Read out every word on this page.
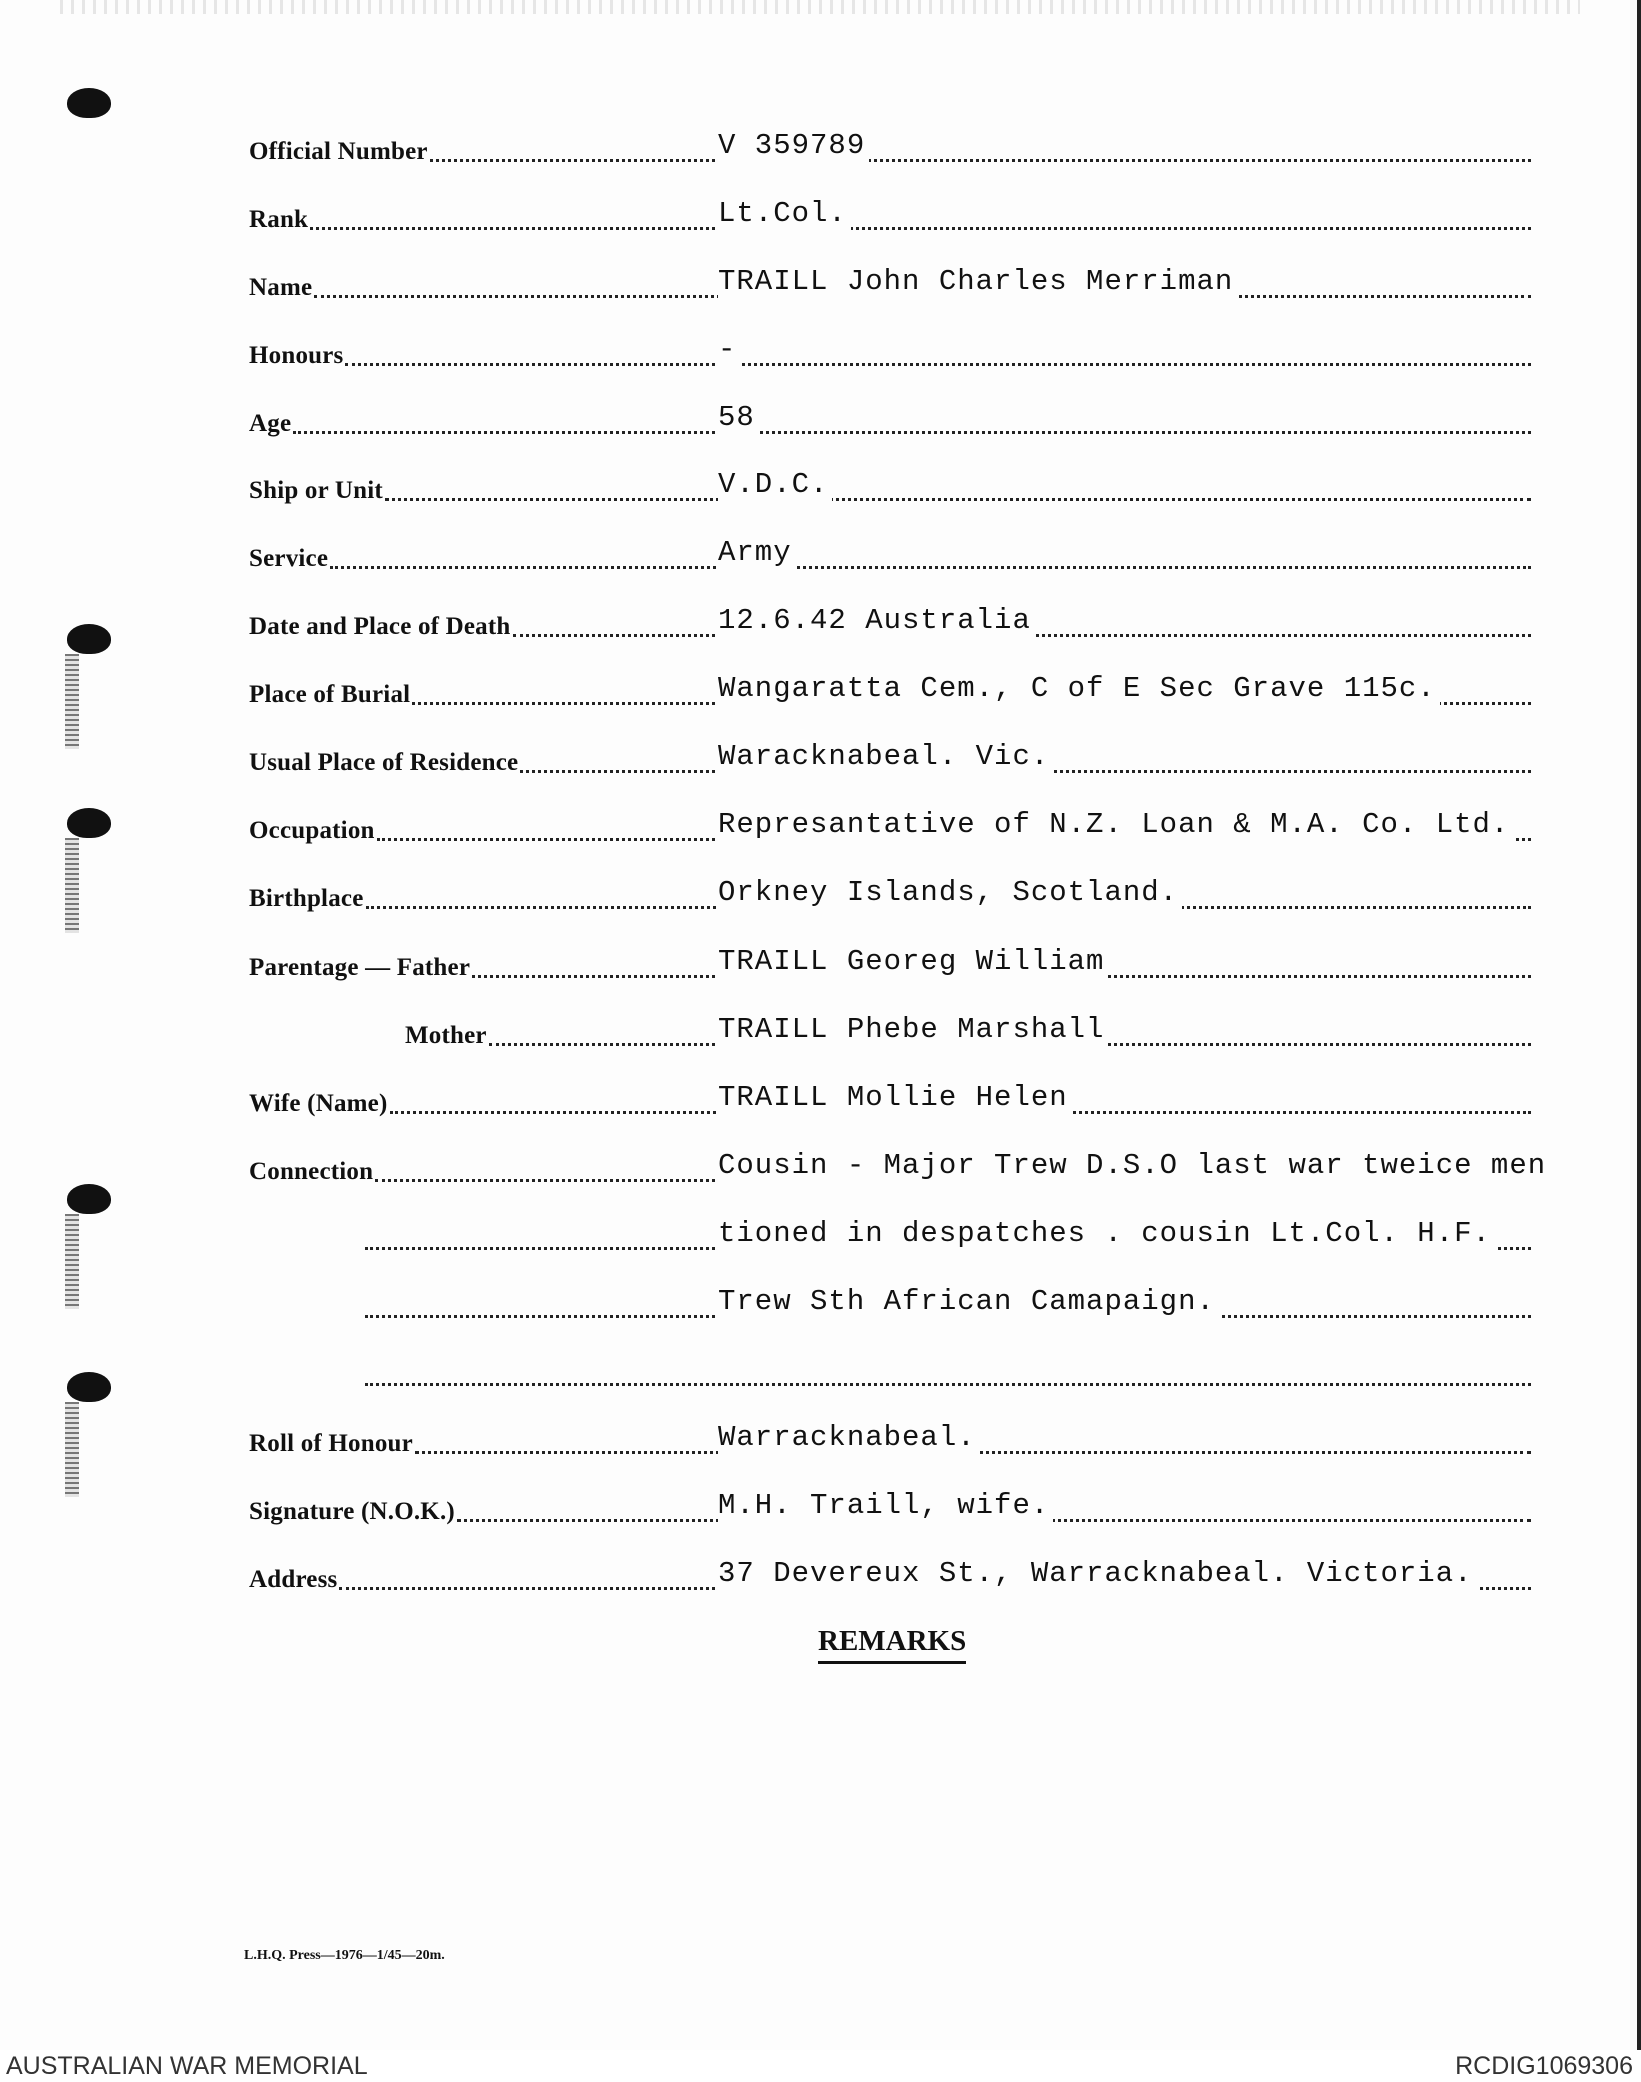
Official Number	V 359789
Rank	Lt.Col.
Name	TRAILL John Charles Merriman
Honours	-
Age	58
Ship or Unit	V.D.C.
Service	Army
Date and Place of Death	12.6.42 Australia
Place of Burial	Wangaratta Cem., C of E Sec Grave 115c.
Usual Place of Residence	Waracknabeal. Vic.
Occupation	Represantative of N.Z. Loan & M.A. Co. Ltd.
Birthplace	Orkney Islands, Scotland.
Parentage — Father	TRAILL Georeg William
Mother	TRAILL Phebe Marshall
Wife (Name)	TRAILL Mollie Helen
Connection	Cousin - Major Trew D.S.O last war tweice men
tioned in despatches . cousin Lt.Col. H.F.
Trew Sth African Camapaign.
Roll of Honour	Warracknabeal.
Signature (N.O.K.)	M.H. Traill, wife.
Address	37 Devereux St., Warracknabeal. Victoria.
REMARKS
L.H.Q. Press—1976—1/45—20m.
AUSTRALIAN WAR MEMORIAL	RCDIG1069306
